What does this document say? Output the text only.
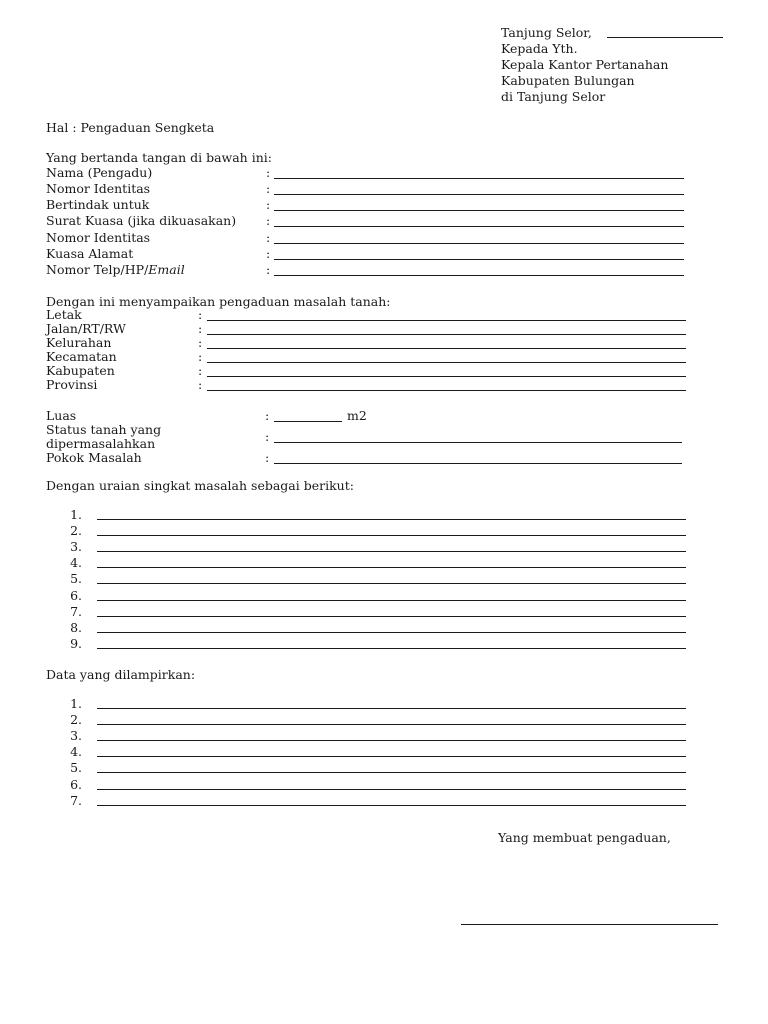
Tanjung Selor,
Kepada Yth.
Kepala Kantor Pertanahan
Kabupaten Bulungan
di Tanjung Selor
Hal : Pengaduan Sengketa
Yang bertanda tangan di bawah ini:
Nama (Pengadu)	:
Nomor Identitas	:
Bertindak untuk	:
Surat Kuasa (jika dikuasakan) :
Nomor Identitas	:
Kuasa Alamat	:
Nomor Telp/HP/Email	:
Dengan ini menyampaikan pengaduan masalah tanah:
Letak	:
Jalan/RT/RW	:
Kelurahan	:
Kecamatan	:
Kabupaten	:
Provinsi	:
Luas	:	m2
Status tanah yang
dipermasalahkan	:
Pokok Masalah	:
Dengan uraian singkat masalah sebagai berikut:
1.
2.
3.
4.
5.
6.
7.
8.
9.
Data yang dilampirkan:
1.
2.
3.
4.
5.
6.
7.
Yang membuat pengaduan,
